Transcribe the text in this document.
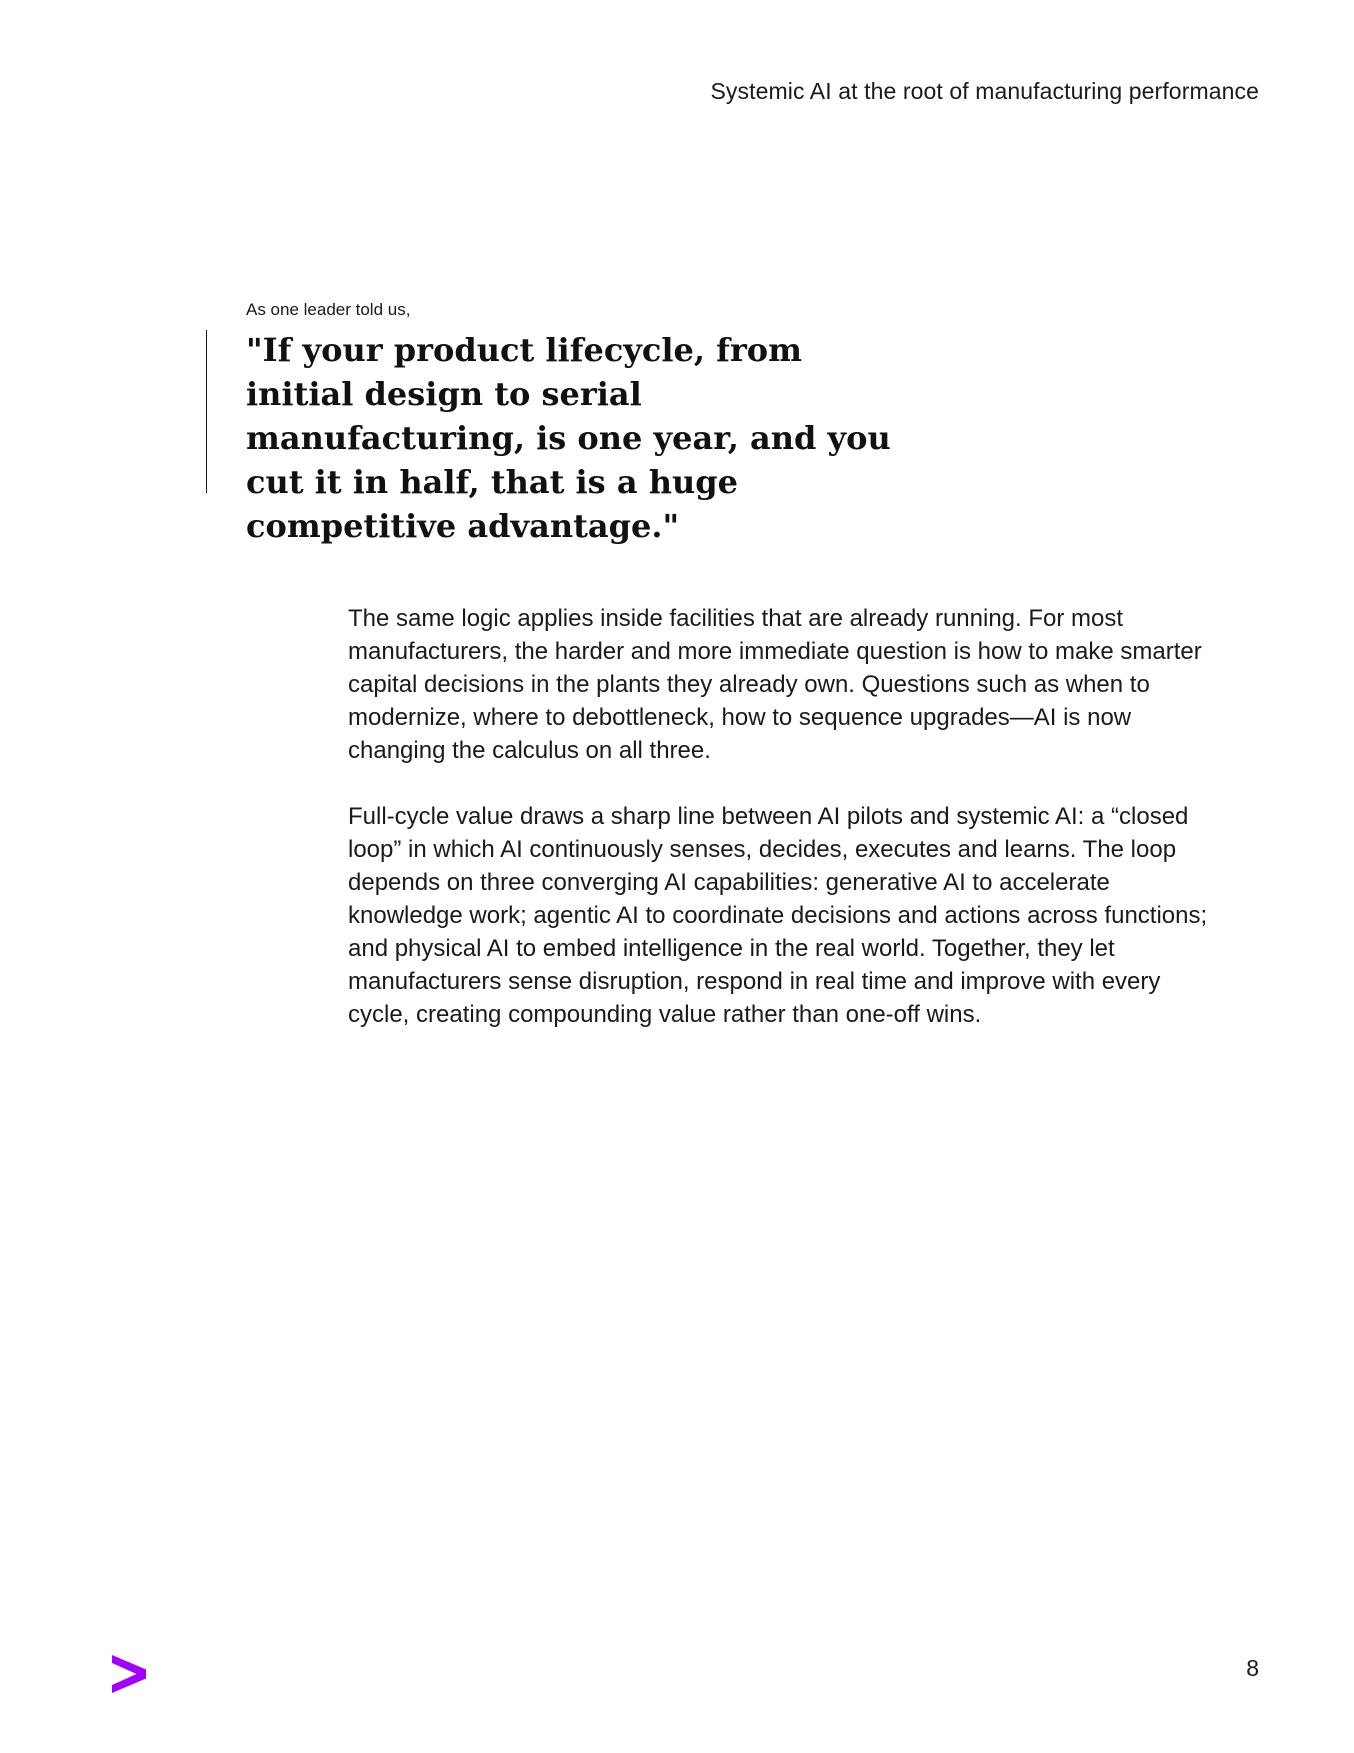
Systemic AI at the root of manufacturing performance
As one leader told us,

"If your product lifecycle, from initial design to serial manufacturing, is one year, and you cut it in half, that is a huge competitive advantage."

The same logic applies inside facilities that are already running. For most manufacturers, the harder and more immediate question is how to make smarter capital decisions in the plants they already own. Questions such as when to modernize, where to debottleneck, how to sequence upgrades—AI is now changing the calculus on all three.

Full-cycle value draws a sharp line between AI pilots and systemic AI: a “closed loop” in which AI continuously senses, decides, executes and learns. The loop depends on three converging AI capabilities: generative AI to accelerate knowledge work; agentic AI to coordinate decisions and actions across functions; and physical AI to embed intelligence in the real world. Together, they let manufacturers sense disruption, respond in real time and improve with every cycle, creating compounding value rather than one-off wins.

8
